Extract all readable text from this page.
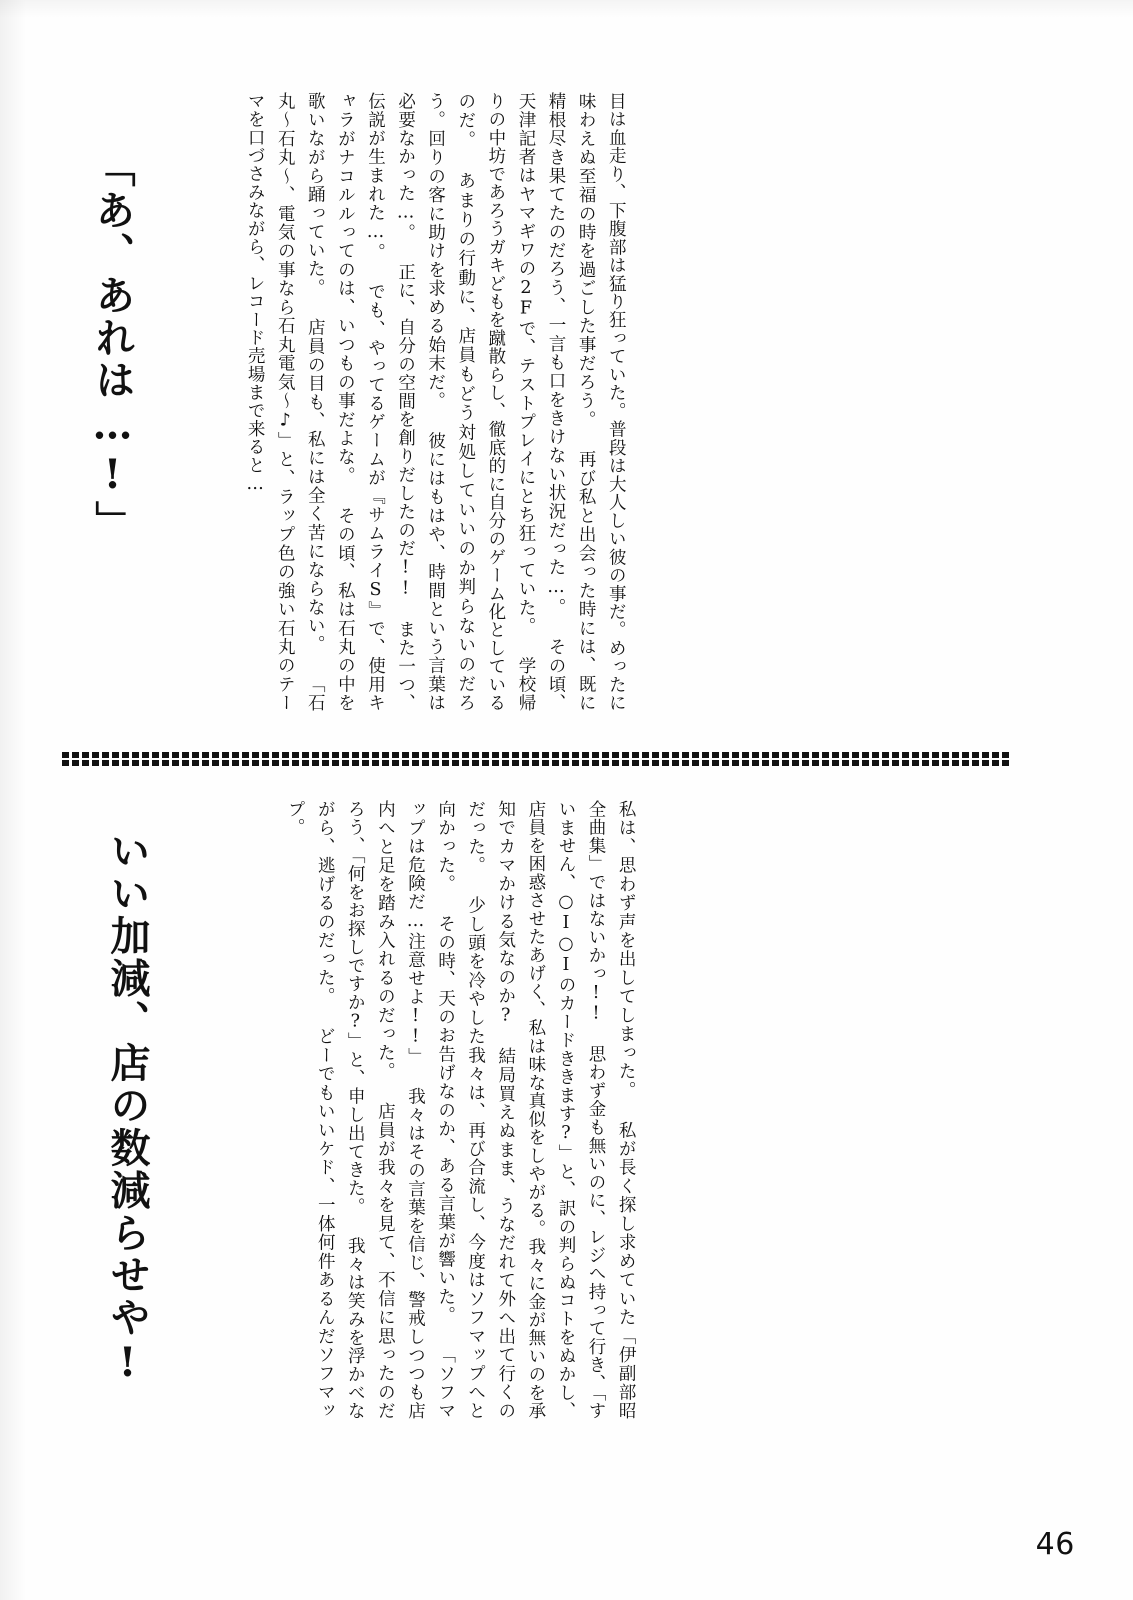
目は血走り、下腹部は猛り狂っていた。普段は大人しい彼の事だ。めったに味わえぬ至福の時を過ごした事だろう。 再び私と出会った時には、既に精根尽き果てたのだろう、一言も口をきけない状況だった…。 その頃、天津記者はヤマギワの2Fで、テストプレイにとち狂っていた。 学校帰りの中坊であろうガキどもを蹴散らし、徹底的に自分のゲーム化としているのだ。 あまりの行動に、店員もどう対処していいのか判らないのだろう。回りの客に助けを求める始末だ。 彼にはもはや、時間という言葉は必要なかった…。 正に、自分の空間を創りだしたのだ!! また一つ、伝説が生まれた…。 でも、やってるゲームが『サムライS』で、使用キャラがナコルルってのは、いつもの事だよな。 その頃、私は石丸の中を歌いながら踊っていた。 店員の目も、私には全く苦にならない。 「石丸〜石丸〜、電気の事なら石丸電気〜♪」と、ラップ色の強い石丸のテーマを口づさみながら、レコード売場まで来ると…
「あ、あれは…!」
私は、思わず声を出してしまった。 私が長く探し求めていた「伊副部昭　全曲集」ではないかっ!! 思わず金も無いのに、レジへ持って行き、「すいません、○I○Iのカードききます?」と、訳の判らぬコトをぬかし、店員を困惑させたあげく、私は味な真似をしやがる。我々に金が無いのを承知でカマかける気なのか? 結局買えぬまま、うなだれて外へ出て行くのだった。 少し頭を冷やした我々は、再び合流し、今度はソフマップへと向かった。 その時、天のお告げなのか、ある言葉が響いた。 「ソフマップは危険だ…注意せよ!!」 我々はその言葉を信じ、警戒しつつも店内へと足を踏み入れるのだった。 店員が我々を見て、不信に思ったのだろう、「何をお探しですか?」と、申し出てきた。 我々は笑みを浮かべながら、逃げるのだった。 どーでもいいケド、一体何件あるんだソフマップ。
いい加減、店の数減らせや!
46
